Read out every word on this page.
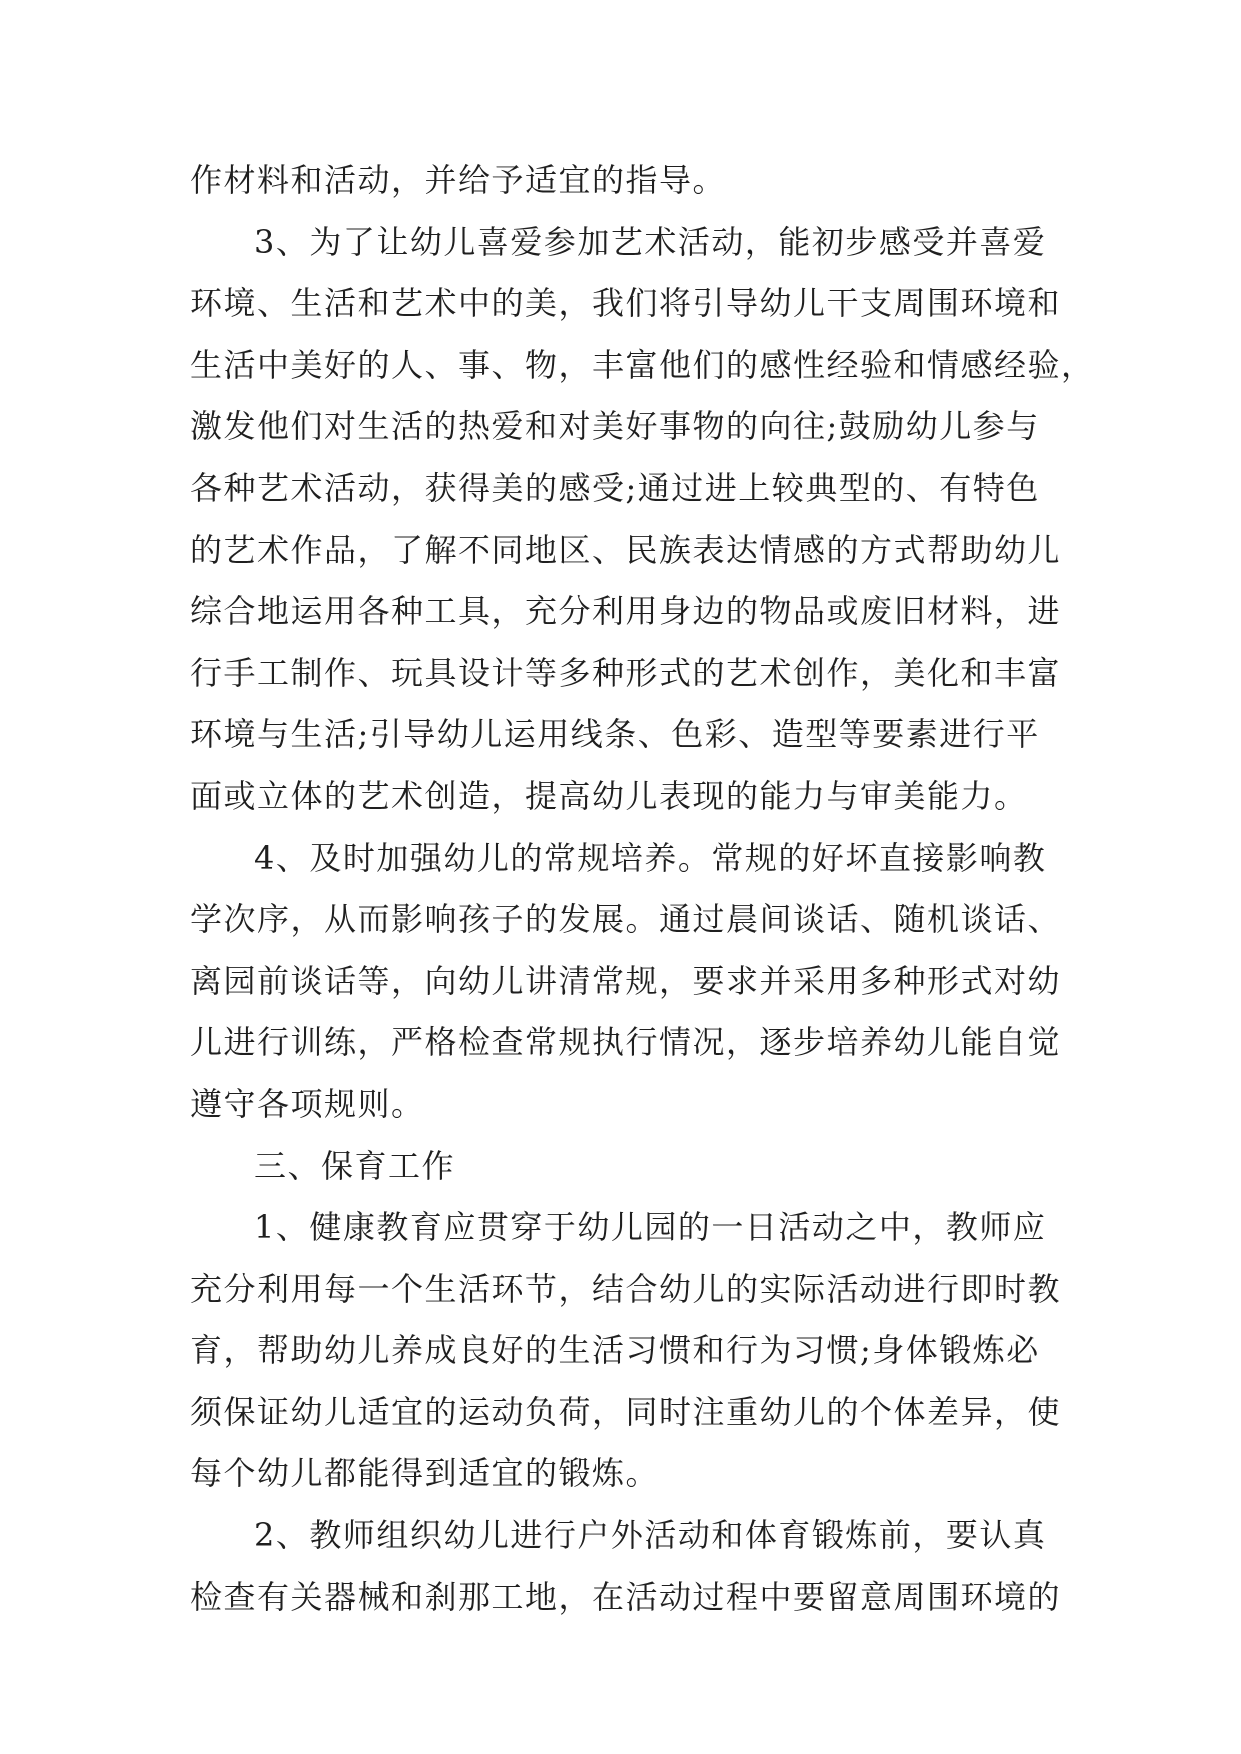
作材料和活动，并给予适宜的指导。
3、为了让幼儿喜爱参加艺术活动，能初步感受并喜爱
环境、生活和艺术中的美，我们将引导幼儿干支周围环境和
生活中美好的人、事、物，丰富他们的感性经验和情感经验，
激发他们对生活的热爱和对美好事物的向往;鼓励幼儿参与
各种艺术活动，获得美的感受;通过进上较典型的、有特色
的艺术作品，了解不同地区、民族表达情感的方式帮助幼儿
综合地运用各种工具，充分利用身边的物品或废旧材料，进
行手工制作、玩具设计等多种形式的艺术创作，美化和丰富
环境与生活;引导幼儿运用线条、色彩、造型等要素进行平
面或立体的艺术创造，提高幼儿表现的能力与审美能力。
4、及时加强幼儿的常规培养。常规的好坏直接影响教
学次序，从而影响孩子的发展。通过晨间谈话、随机谈话、
离园前谈话等，向幼儿讲清常规，要求并采用多种形式对幼
儿进行训练，严格检查常规执行情况，逐步培养幼儿能自觉
遵守各项规则。
三、保育工作
1、健康教育应贯穿于幼儿园的一日活动之中，教师应
充分利用每一个生活环节，结合幼儿的实际活动进行即时教
育，帮助幼儿养成良好的生活习惯和行为习惯;身体锻炼必
须保证幼儿适宜的运动负荷，同时注重幼儿的个体差异，使
每个幼儿都能得到适宜的锻炼。
2、教师组织幼儿进行户外活动和体育锻炼前，要认真
检查有关器械和刹那工地，在活动过程中要留意周围环境的
